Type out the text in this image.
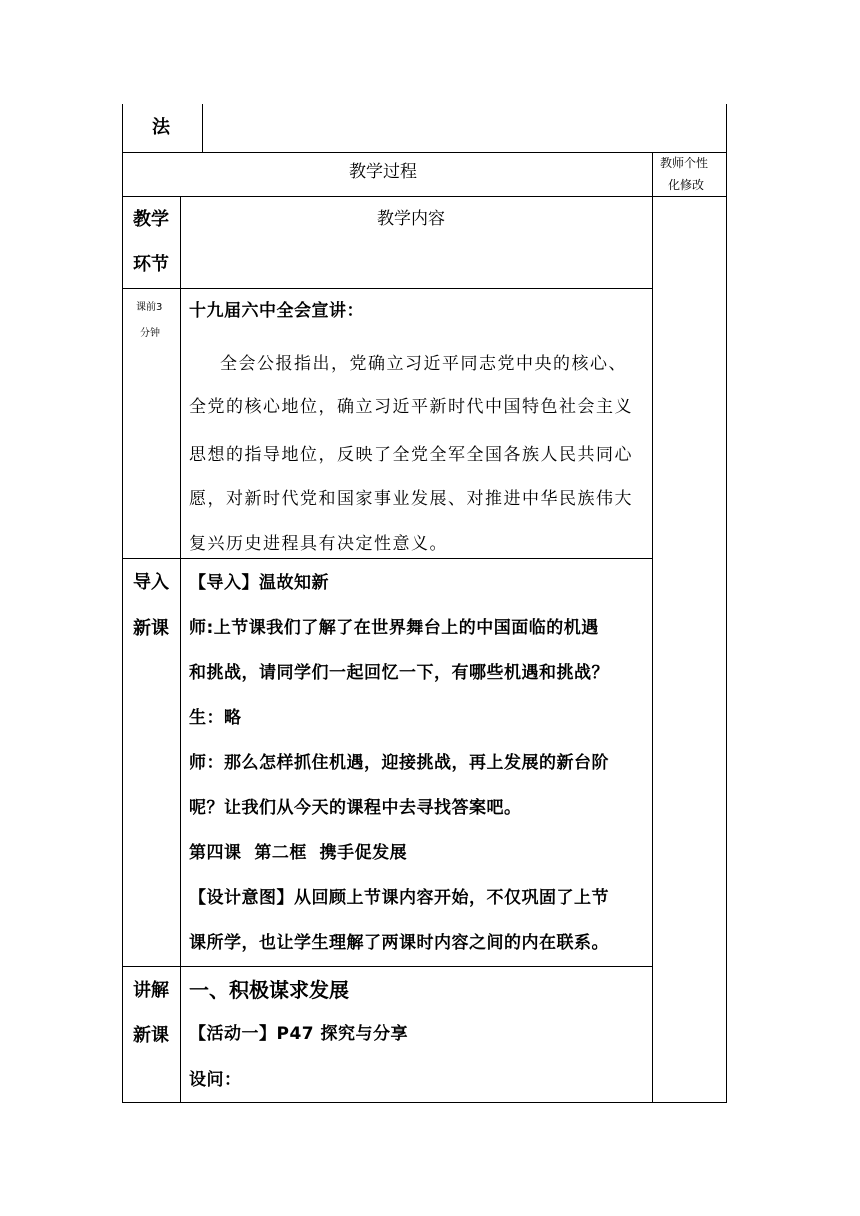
法
教学过程	教师个性
化修改
教学
环节
教学内容
课前3
分钟
十九届六中全会宣讲：
全会公报指出，党确立习近平同志党中央的核心、
全党的核心地位，确立习近平新时代中国特色社会主义
思想的指导地位，反映了全党全军全国各族人民共同心
愿，对新时代党和国家事业发展、对推进中华民族伟大
复兴历史进程具有决定性意义。
导入
新课
【导入】温故知新
师:上节课我们了解了在世界舞台上的中国面临的机遇
和挑战，请同学们一起回忆一下，有哪些机遇和挑战？
生：略
师：那么怎样抓住机遇，迎接挑战，再上发展的新台阶
呢？让我们从今天的课程中去寻找答案吧。
第四课  第二框  携手促发展
【设计意图】从回顾上节课内容开始，不仅巩固了上节
课所学，也让学生理解了两课时内容之间的内在联系。
讲解
新课
一、积极谋求发展
【活动一】P47 探究与分享
设问：
